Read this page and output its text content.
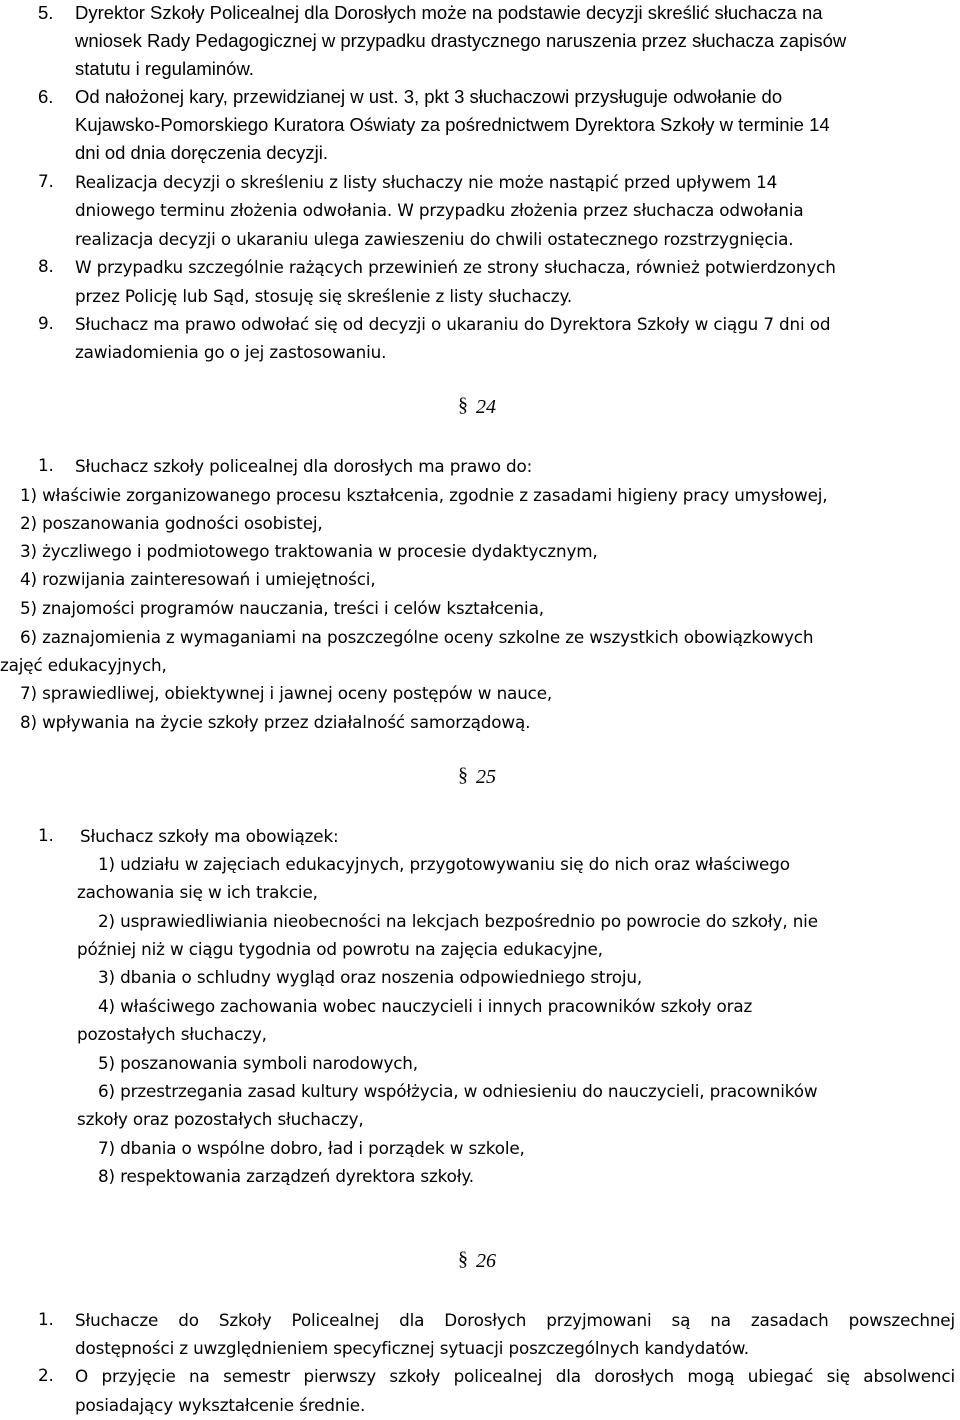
5. Dyrektor Szkoły Policealnej dla Dorosłych może na podstawie decyzji skreślić słuchacza na
wniosek Rady Pedagogicznej w przypadku drastycznego naruszenia przez słuchacza zapisów
statutu i regulaminów.
6. Od nałożonej kary, przewidzianej w ust. 3, pkt 3 słuchaczowi przysługuje odwołanie do
Kujawsko-Pomorskiego Kuratora Oświaty za pośrednictwem Dyrektora Szkoły w terminie 14
dni od dnia doręczenia decyzji.
7. Realizacja decyzji o skreśleniu z listy słuchaczy nie może nastąpić przed upływem 14
dniowego terminu złożenia odwołania. W przypadku złożenia przez słuchacza odwołania
realizacja decyzji o ukaraniu ulega zawieszeniu do chwili ostatecznego rozstrzygnięcia.
8. W przypadku szczególnie rażących przewinień ze strony słuchacza, również potwierdzonych
przez Policję lub Sąd, stosuję się skreślenie z listy słuchaczy.
9. Słuchacz ma prawo odwołać się od decyzji o ukaraniu do Dyrektora Szkoły w ciągu 7 dni od
zawiadomienia go o jej zastosowaniu.
§ 24
1. Słuchacz szkoły policealnej dla dorosłych ma prawo do:
1) właściwie zorganizowanego procesu kształcenia, zgodnie z zasadami higieny pracy umysłowej,
2) poszanowania godności osobistej,
3) życzliwego i podmiotowego traktowania w procesie dydaktycznym,
4) rozwijania zainteresowań i umiejętności,
5) znajomości programów nauczania, treści i celów kształcenia,
6) zaznajomienia z wymaganiami na poszczególne oceny szkolne ze wszystkich obowiązkowych
zajęć edukacyjnych,
7) sprawiedliwej, obiektywnej i jawnej oceny postępów w nauce,
8) wpływania na życie szkoły przez działalność samorządową.
§ 25
1. Słuchacz szkoły ma obowiązek:
1) udziału w zajęciach edukacyjnych, przygotowywaniu się do nich oraz właściwego
zachowania się w ich trakcie,
2) usprawiedliwiania nieobecności na lekcjach bezpośrednio po powrocie do szkoły, nie
później niż w ciągu tygodnia od powrotu na zajęcia edukacyjne,
3) dbania o schludny wygląd oraz noszenia odpowiedniego stroju,
4) właściwego zachowania wobec nauczycieli i innych pracowników szkoły oraz
pozostałych słuchaczy,
5) poszanowania symboli narodowych,
6) przestrzegania zasad kultury współżycia, w odniesieniu do nauczycieli, pracowników
szkoły oraz pozostałych słuchaczy,
7) dbania o wspólne dobro, ład i porządek w szkole,
8) respektowania zarządzeń dyrektora szkoły.
§ 26
1. Słuchacze do Szkoły Policealnej dla Dorosłych przyjmowani są na zasadach powszechnej
dostępności z uwzględnieniem specyficznej sytuacji poszczególnych kandydatów.
2. O przyjęcie na semestr pierwszy szkoły policealnej dla dorosłych mogą ubiegać się absolwenci
posiadający wykształcenie średnie.
